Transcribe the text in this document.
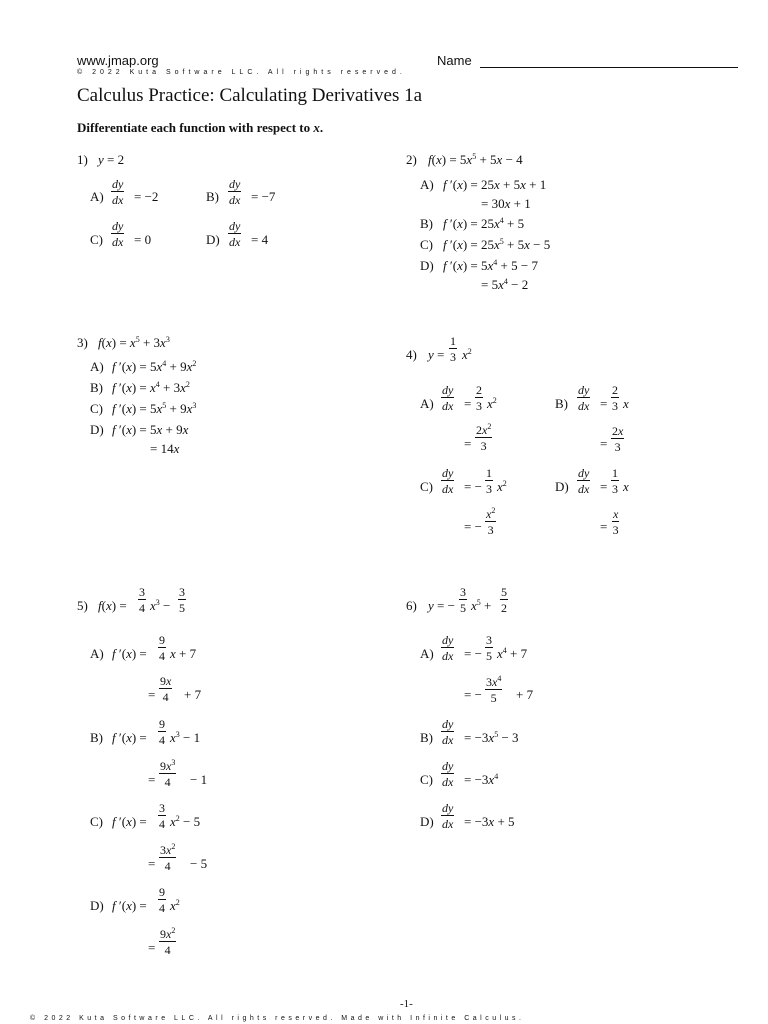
www.jmap.org	Name
© 2022 Kuta Software LLC. All rights reserved.
Calculus Practice: Calculating Derivatives 1a
Differentiate each function with respect to x.
1) y = 2
$A) \frac{dy}{dx} = -2$	$B) \frac{dy}{dx} = -7$
$C) \frac{dy}{dx} = 0$	$D) \frac{dy}{dx} = 4$
2) $f(x) = 5x^5 + 5x - 4$
A) f ′(x) = 25x + 5x + 1
= 30x + 1
B) f $'(x) = 25x^4 + 5$
C) f $'(x) = 25x^5 + 5x - 5$
D) f $'(x) = 5x^4 + 5 - 7$
= $5x^4 - 2$
3) $f(x) = x^5 + 3x^3$
A) f $'(x) = 5x^4 + 9x^2$
B) f $'(x) = x^4 + 3x^2$
C) f $'(x) = 5x^5 + 9x^3$
D) f ′(x) = 5x + 9x
= 14x
4) $y = \frac{1}{3} x^2$
$A) \frac{dy}{dx} = \frac{2}{3} x^2$
= $\frac{2x^2}{3}$
$B) \frac{dy}{dx} = \frac{2}{3}$ x
= $\frac{2x}{3}$
$C) \frac{dy}{dx}$ = − $\frac{1}{3} x^2$
= − $\frac{x^2}{3}$
$D) \frac{dy}{dx} = \frac{1}{3}$ x
= $\frac{x}{3}$
5) $f(x) = \frac{3}{4} x^3 - \frac{3}{5}$
A) f $'(x) = \frac{9}{4}$ x + 7
= $\frac{9x}{4} + 7$
B) f $'(x) = \frac{9}{4} x^3 - 1$
= $\frac{9x^3}{4} - 1$
C) f $'(x) = \frac{3}{4} x^2 - 5$
= $\frac{3x^2}{4} - 5$
D) f $'(x) = \frac{9}{4} x^2$
= $\frac{9x^2}{4}$
6) y = − $\frac{3}{5} x^5 + \frac{5}{2}$
$A) \frac{dy}{dx}$ = − $\frac{3}{5} x^4 + 7$
= − $\frac{3x^4}{5} + 7$
$B) \frac{dy}{dx} = -3x^5 - 3$
$C) \frac{dy}{dx} = -3x^4$
$D) \frac{dy}{dx} = -3x + 5$
-1-
© 2022 Kuta Software LLC. All rights reserved. Made with Infinite Calculus.
